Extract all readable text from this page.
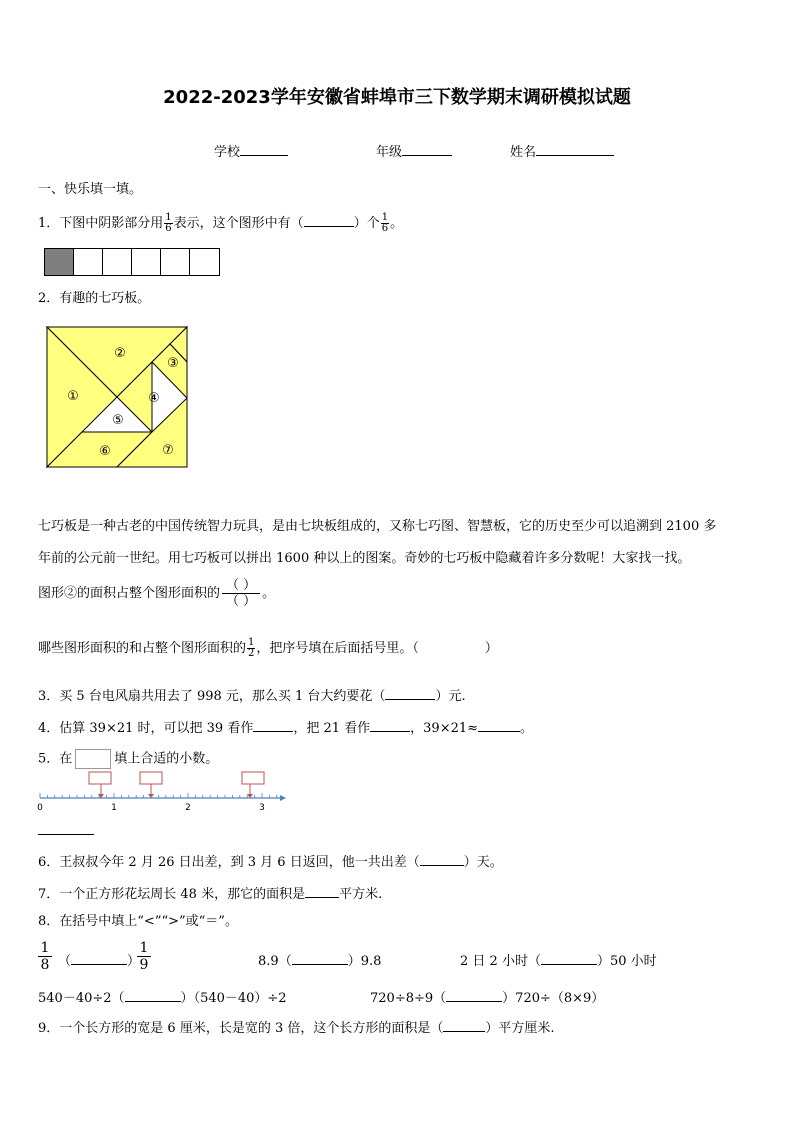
2022-2023学年安徽省蚌埠市三下数学期末调研模拟试题
学校	年级	姓名
一、快乐填一填。
1．下图中阴影部分用 $\frac{1}{6}$ 表示，这个图形中有（	）个 $\frac{1}{6}$ 。
2．有趣的七巧板。
①
②
③
④
⑤
⑥	⑦
七巧板是一种古老的中国传统智力玩具，是由七块板组成的，又称七巧图、智慧板，它的历史至少可以追溯到 2100 多
年前的公元前一世纪。用七巧板可以拼出 1600 种以上的图案。奇妙的七巧板中隐藏着许多分数呢！大家找一找。
图形②的面积占整个图形面积的
（ ）
（ ）
。
哪些图形面积的和占整个图形面积的 $\frac{1}{2}$ ，把序号填在后面括号里。（	）
3．买 5 台电风扇共用去了 998 元，那么买 1 台大约要花（	）元.
4．估算 39×21 时，可以把 39 看作	，把 21 看作	，39×21≈	。
5．在	填上合适的小数。
0	1	2	3
6．王叔叔今年 2 月 26 日出差，到 3 月 6 日返回，他一共出差（	）天。
7．一个正方形花坛周长 48 米，那它的面积是	平方米.
8．在括号中填上“<”“>”或“＝”。
1
8 （	）
1
9	8.9（	）9.8	2 日 2 小时（	）50 小时
540－40÷2（	）（540－40）÷2	720÷8÷9（	）720÷（8×9）
9．一个长方形的宽是 6 厘米，长是宽的 3 倍，这个长方形的面积是（	）平方厘米.
